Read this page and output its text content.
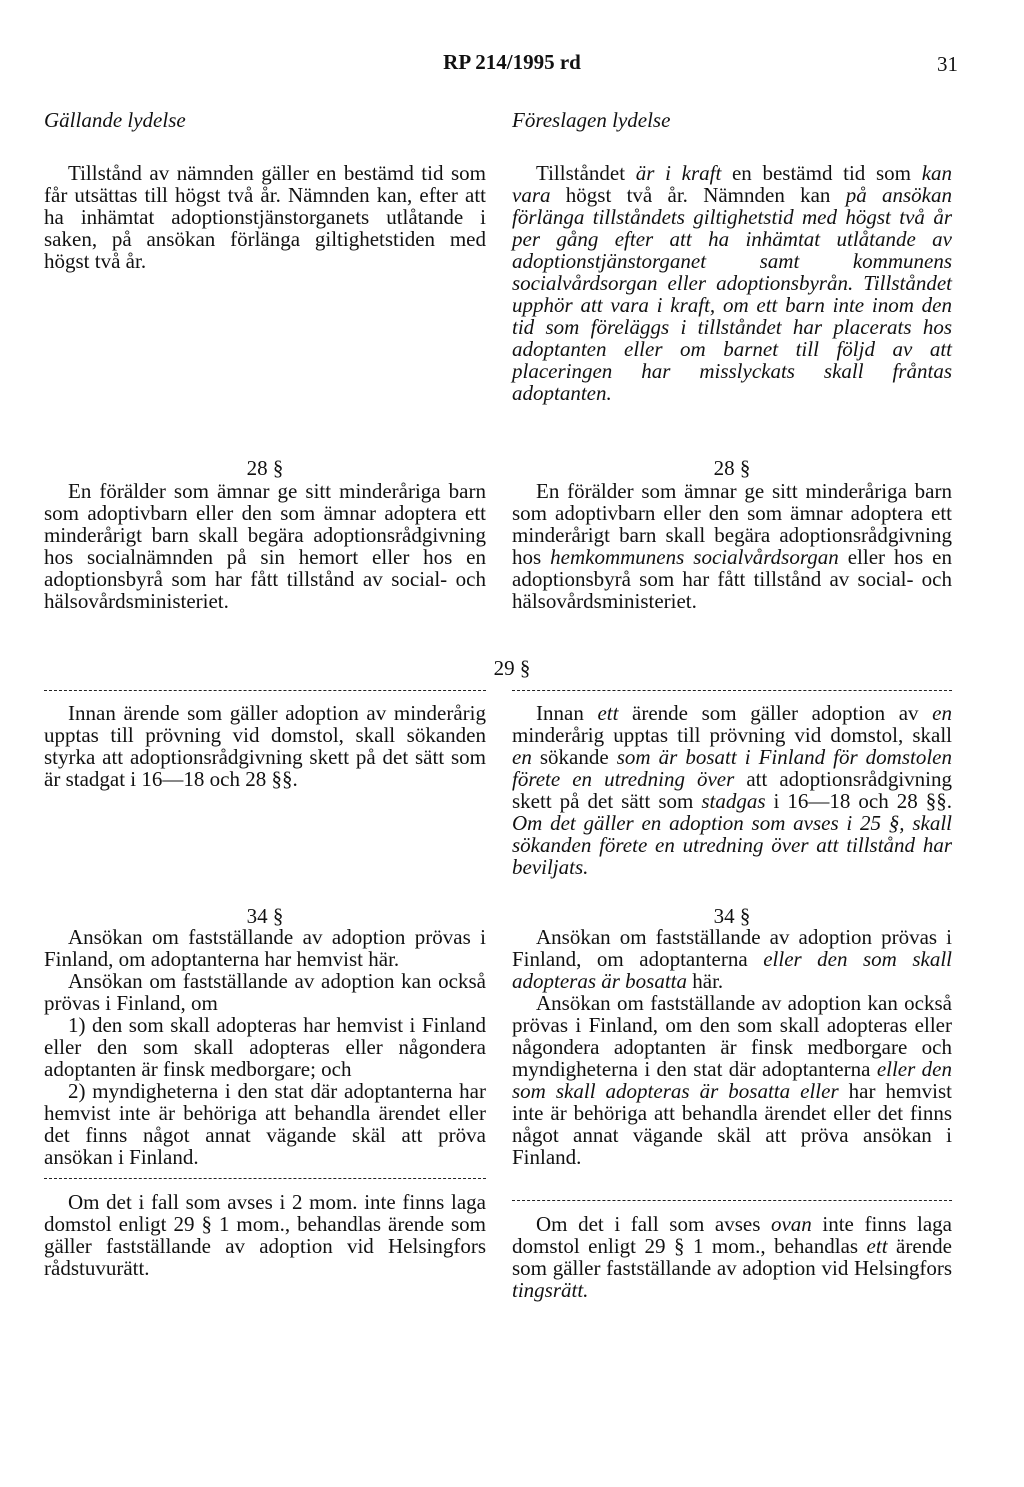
RP 214/1995 rd	31
Gällande lydelse	Föreslagen lydelse

Tillstånd av nämnden gäller en bestämd tid som får utsättas till högst två år. Nämnden kan, efter att ha inhämtat adoptionstjänstorganets utlåtande i saken, på ansökan förlänga giltighetstiden med högst två år.

Tillståndet är i kraft en bestämd tid som kan vara högst två år. Nämnden kan på ansökan förlänga tillståndets giltighetstid med högst två år per gång efter att ha inhämtat utlåtande av adoptionstjänstorganet samt kommunens socialvårdsorgan eller adoptionsbyrån. Tillståndet upphör att vara i kraft, om ett barn inte inom den tid som föreläggs i tillståndet har placerats hos adoptanten eller om barnet till följd av att placeringen har misslyckats skall fråntas adoptanten.

28 §	28 §

En förälder som ämnar ge sitt minderåriga barn som adoptivbarn eller den som ämnar adoptera ett minderårigt barn skall begära adoptionsrådgivning hos socialnämnden på sin hemort eller hos en adoptionsbyrå som har fått tillstånd av social- och hälsovårdsministeriet.

En förälder som ämnar ge sitt minderåriga barn som adoptivbarn eller den som ämnar adoptera ett minderårigt barn skall begära adoptionsrådgivning hos hemkommunens socialvårdsorgan eller hos en adoptionsbyrå som har fått tillstånd av social- och hälsovårdsministeriet.

29 §

Innan ärende som gäller adoption av minderårig upptas till prövning vid domstol, skall sökanden styrka att adoptionsrådgivning skett på det sätt som är stadgat i 16—18 och 28 §§.

Innan ett ärende som gäller adoption av en minderårig upptas till prövning vid domstol, skall en sökande som är bosatt i Finland för domstolen förete en utredning över att adoptionsrådgivning skett på det sätt som stadgas i 16—18 och 28 §§. Om det gäller en adoption som avses i 25 §, skall sökanden förete en utredning över att tillstånd har beviljats.

34 §	34 §

Ansökan om fastställande av adoption prövas i Finland, om adoptanterna har hemvist här.

Ansökan om fastställande av adoption kan också prövas i Finland, om

1) den som skall adopteras har hemvist i Finland eller den som skall adopteras eller någondera adoptanten är finsk medborgare; och

2) myndigheterna i den stat där adoptanterna har hemvist inte är behöriga att behandla ärendet eller det finns något annat vägande skäl att pröva ansökan i Finland.

Om det i fall som avses i 2 mom. inte finns laga domstol enligt 29 § 1 mom., behandlas ärende som gäller fastställande av adoption vid Helsingfors rådstuvurätt.

Ansökan om fastställande av adoption prövas i Finland, om adoptanterna eller den som skall adopteras är bosatta här.

Ansökan om fastställande av adoption kan också prövas i Finland, om den som skall adopteras eller någondera adoptanten är finsk medborgare och myndigheterna i den stat där adoptanterna eller den som skall adopteras är bosatta eller har hemvist inte är behöriga att behandla ärendet eller det finns något annat vägande skäl att pröva ansökan i Finland.

Om det i fall som avses ovan inte finns laga domstol enligt 29 § 1 mom., behandlas ett ärende som gäller fastställande av adoption vid Helsingfors tingsrätt.
